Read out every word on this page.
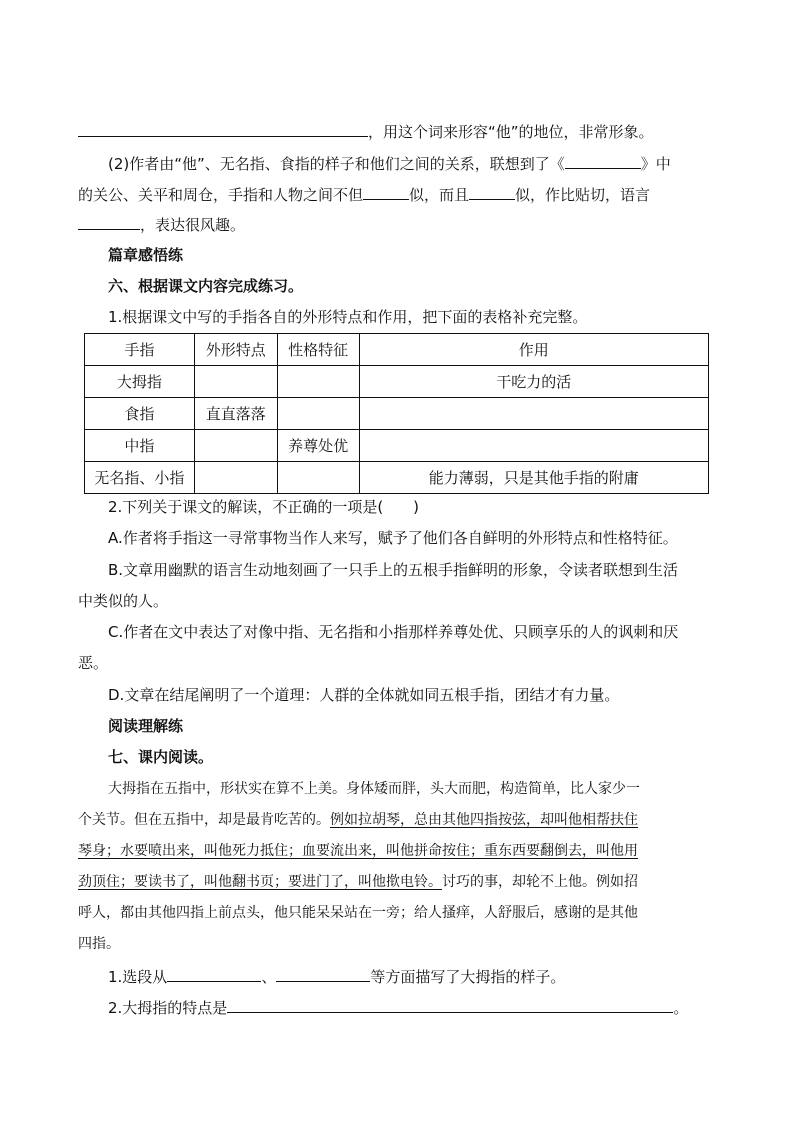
，用这个词来形容“他”的地位，非常形象。
(2)作者由“他”、无名指、食指的样子和他们之间的关系，联想到了《	》中
的关公、关平和周仓，手指和人物之间不但	似，而且	似，作比贴切，语言
，表达很风趣。
篇章感悟练
六、根据课文内容完成练习。
1.根据课文中写的手指各自的外形特点和作用，把下面的表格补充完整。
手指	外形特点	性格特征	作用
大拇指			干吃力的活
食指	直直落落		
中指		养尊处优	
无名指、小指			能力薄弱，只是其他手指的附庸
2.下列关于课文的解读，不正确的一项是(　　)
A.作者将手指这一寻常事物当作人来写，赋予了他们各自鲜明的外形特点和性格特征。
B.文章用幽默的语言生动地刻画了一只手上的五根手指鲜明的形象，令读者联想到生活
中类似的人。
C.作者在文中表达了对像中指、无名指和小指那样养尊处优、只顾享乐的人的讽刺和厌
恶。
D.文章在结尾阐明了一个道理：人群的全体就如同五根手指，团结才有力量。
阅读理解练
七、课内阅读。
大拇指在五指中，形状实在算不上美。身体矮而胖，头大而肥，构造简单，比人家少一
个关节。但在五指中，却是最肯吃苦的。例如拉胡琴，总由其他四指按弦，却叫他相帮扶住
琴身；水要喷出来，叫他死力抵住；血要流出来，叫他拼命按住；重东西要翻倒去，叫他用
劲顶住；要读书了，叫他翻书页；要进门了，叫他揿电铃。讨巧的事，却轮不上他。例如招
呼人，都由其他四指上前点头，他只能呆呆站在一旁；给人搔痒，人舒服后，感谢的是其他
四指。
1.选段从	、	等方面描写了大拇指的样子。
2.大拇指的特点是	。
